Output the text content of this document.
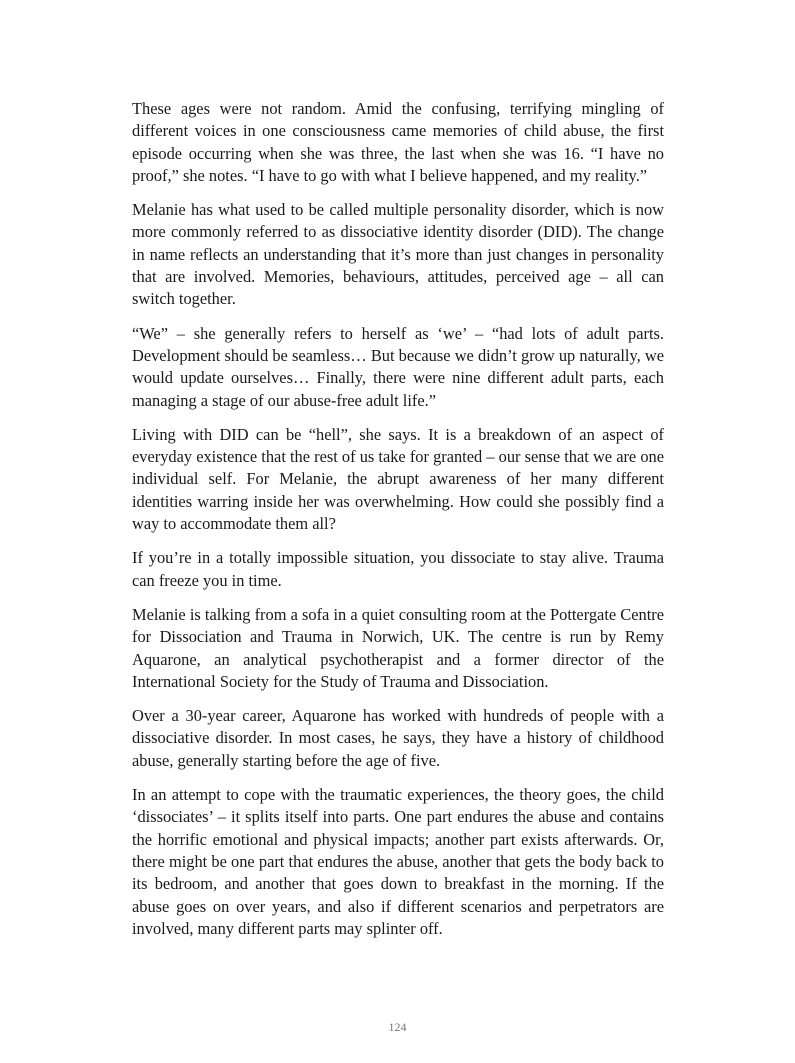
These ages were not random. Amid the confusing, terrifying mingling of different voices in one consciousness came memories of child abuse, the first episode occurring when she was three, the last when she was 16. “I have no proof,” she notes. “I have to go with what I believe happened, and my reality.”

Melanie has what used to be called multiple personality disorder, which is now more commonly referred to as dissociative identity disorder (DID). The change in name reflects an understanding that it’s more than just changes in personality that are involved. Memories, behaviours, attitudes, perceived age – all can switch together.

“We” – she generally refers to herself as ‘we’ – “had lots of adult parts. Development should be seamless… But because we didn’t grow up naturally, we would update ourselves… Finally, there were nine different adult parts, each managing a stage of our abuse-free adult life.”

Living with DID can be “hell”, she says. It is a breakdown of an aspect of everyday existence that the rest of us take for granted – our sense that we are one individual self. For Melanie, the abrupt awareness of her many different identities warring inside her was overwhelming. How could she possibly find a way to accommodate them all?

If you’re in a totally impossible situation, you dissociate to stay alive. Trauma can freeze you in time.

Melanie is talking from a sofa in a quiet consulting room at the Pottergate Centre for Dissociation and Trauma in Norwich, UK. The centre is run by Remy Aquarone, an analytical psychotherapist and a former director of the International Society for the Study of Trauma and Dissociation.

Over a 30-year career, Aquarone has worked with hundreds of people with a dissociative disorder. In most cases, he says, they have a history of childhood abuse, generally starting before the age of five.

In an attempt to cope with the traumatic experiences, the theory goes, the child ‘dissociates’ – it splits itself into parts. One part endures the abuse and contains the horrific emotional and physical impacts; another part exists afterwards. Or, there might be one part that endures the abuse, another that gets the body back to its bedroom, and another that goes down to breakfast in the morning. If the abuse goes on over years, and also if different scenarios and perpetrators are involved, many different parts may splinter off.

124
